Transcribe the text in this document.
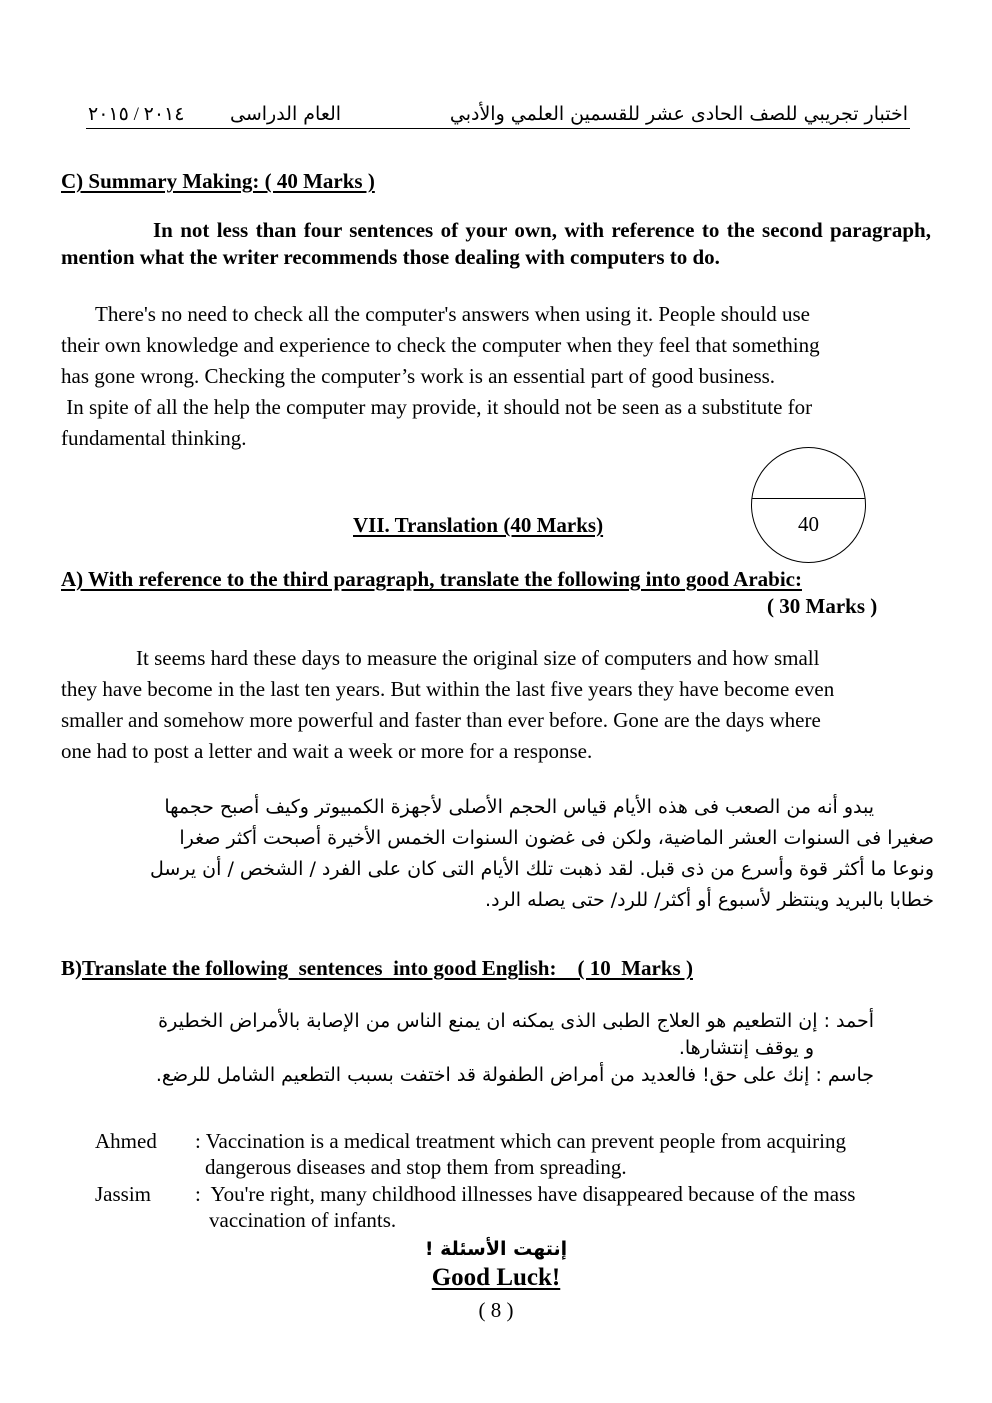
اختبار تجريبي للصف الحادى عشر للقسمين العلمي والأدبي
العام الدراسى
٢٠١٤ / ٢٠١٥
C) Summary Making: ( 40 Marks )
In not less than four sentences of your own, with reference to the second paragraph, mention what the writer recommends those dealing with computers to do.
There's no need to check all the computer's answers when using it. People should use
their own knowledge and experience to check the computer when they feel that something
has gone wrong. Checking the computer’s work is an essential part of good business.
In spite of all the help the computer may provide, it should not be seen as a substitute for
fundamental thinking.
VII. Translation (40 Marks)	40
A) With reference to the third paragraph, translate the following into good Arabic:
( 30 Marks )
It seems hard these days to measure the original size of computers and how small
they have become in the last ten years. But within the last five years they have become even
smaller and somehow more powerful and faster than ever before. Gone are the days where
one had to post a letter and wait a week or more for a response.
يبدو أنه من الصعب فى هذه الأيام قياس الحجم الأصلى لأجهزة الكمبيوتر وكيف أصبح حجمها
صغيرا فى السنوات العشر الماضية، ولكن فى غضون السنوات الخمس الأخيرة أصبحت أكثر صغرا
ونوعا ما أكثر قوة وأسرع من ذى قبل. لقد ذهبت تلك الأيام التى كان على الفرد / الشخص / أن يرسل
خطابا بالبريد وينتظر لأسبوع أو أكثر/ للرد/ حتى يصله الرد.
B)Translate the following  sentences  into good English:    ( 10  Marks )
أحمد : إن التطعيم هو العلاج الطبى الذى يمكنه ان يمنع الناس من الإصابة بالأمراض الخطيرة
و يوقف إنتشارها.
جاسم : إنك على حق! فالعديد من أمراض الطفولة قد اختفت بسبب التطعيم الشامل للرضع.
Ahmed : Vaccination is a medical treatment which can prevent people from acquiring
dangerous diseases and stop them from spreading.
Jassim :  You're right, many childhood illnesses have disappeared because of the mass
vaccination of infants.
إنتهت الأسئلة !
Good Luck!
( 8 )
